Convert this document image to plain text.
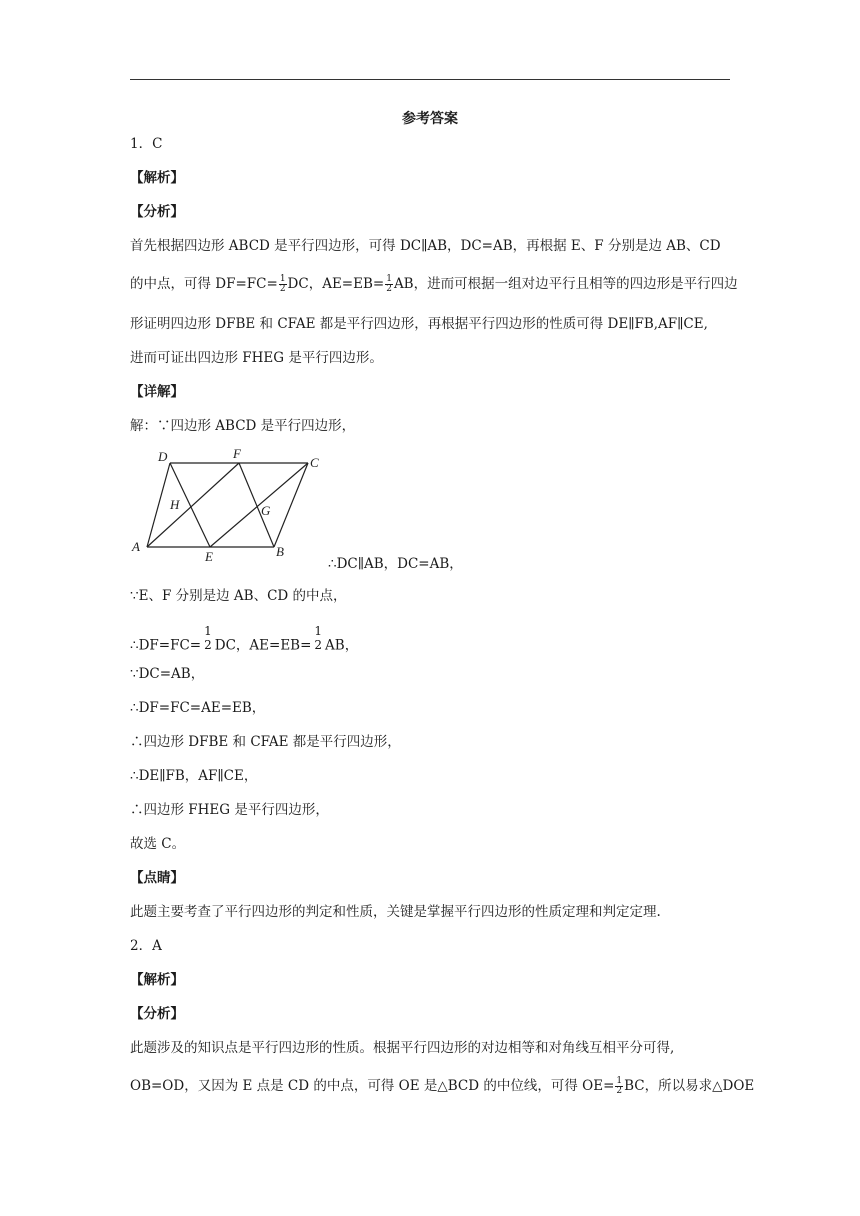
参考答案
1．C
【解析】
【分析】
首先根据四边形 ABCD 是平行四边形，可得 DC∥AB，DC=AB，再根据 E、F 分别是边 AB、CD
的中点，可得 $DF=FC= \frac{1}{2}$ DC，$AE=EB= \frac{1}{2}$ AB，进而可根据一组对边平行且相等的四边形是平行四边
形证明四边形 DFBE 和 CFAE 都是平行四边形，再根据平行四边形的性质可得 DE∥FB,AF∥CE,
进而可证出四边形 FHEG 是平行四边形。
【详解】
解：∵四边形 ABCD 是平行四边形，
D	F
C
H	G
A
E	B
∴DC∥AB，DC=AB，
∵E、F 分别是边 AB、CD 的中点，
∴DF=FC=
1
2 DC，AE=EB=
1
2 AB，
∵DC=AB，
∴DF=FC=AE=EB，
∴四边形 DFBE 和 CFAE 都是平行四边形，
∴DE∥FB，AF∥CE，
∴四边形 FHEG 是平行四边形，
故选 C。
【点睛】
此题主要考查了平行四边形的判定和性质，关键是掌握平行四边形的性质定理和判定定理.
2．A
【解析】
【分析】
此题涉及的知识点是平行四边形的性质。根据平行四边形的对边相等和对角线互相平分可得,
OB=OD，又因为 E 点是 CD 的中点，可得 OE 是△BCD 的中位线，可得 $OE= \frac{1}{2}$ BC，所以易求△DOE
